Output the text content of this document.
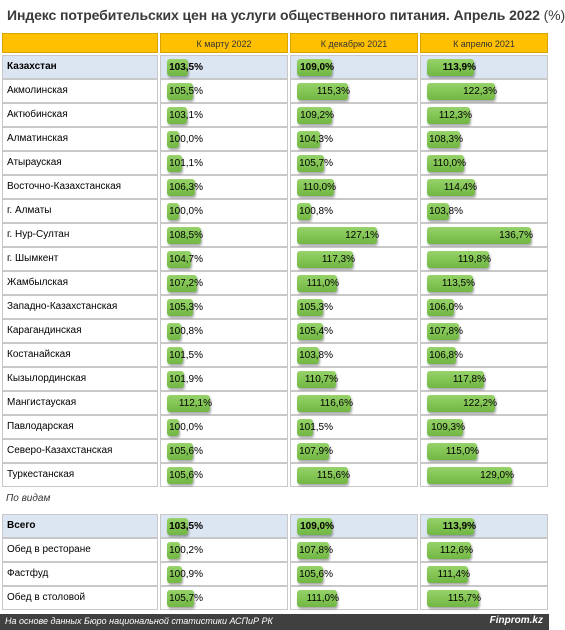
Индекс потребительских цен на услуги общественного питания. Апрель 2022 (%)
К марту 2022	К декабрю 2021	К апрелю 2021
Казахстан	103,5%	109,0%	113,9%
Акмолинская	105,5%	115,3%	122,3%
Актюбинская	103,1%	109,2%	112,3%
Алматинская	100,0%	104,3%	108,3%
Атырауская	101,1%	105,7%	110,0%
Восточно-Казахстанская	106,3%	110,0%	114,4%
г. Алматы	100,0%	100,8%	103,8%
г. Нур-Султан	108,5%	127,1%	136,7%
г. Шымкент	104,7%	117,3%	119,8%
Жамбылская	107,2%	111,0%	113,5%
Западно-Казахстанская	105,3%	105,3%	106,0%
Карагандинская	100,8%	105,4%	107,8%
Костанайская	101,5%	103,8%	106,8%
Кызылординская	101,9%	110,7%	117,8%
Мангистауская	112,1%	116,6%	122,2%
Павлодарская	100,0%	101,5%	109,3%
Северо-Казахстанская	105,6%	107,9%	115,0%
Туркестанская	105,6%	115,6%	129,0%
Всего	103,5%	109,0%	113,9%
Обед в ресторане	100,2%	107,8%	112,6%
Фастфуд	100,9%	105,6%	111,4%
Обед в столовой	105,7%	111,0%	115,7%
По видам
На основе данных Бюро национальной статистики АСПиР РК	Finprom.kz
